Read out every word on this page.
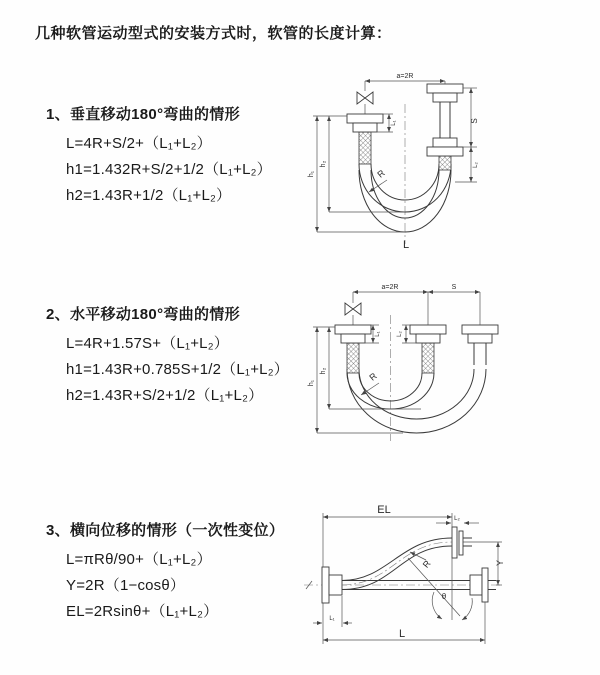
几种软管运动型式的安装方式时，软管的长度计算：
1、垂直移动180°弯曲的情形
L=4R+S/2+（L₁+L₂）
h1=1.432R+S/2+1/2（L₁+L₂）
h2=1.43R+1/2（L₁+L₂）
2、水平移动180°弯曲的情形
L=4R+1.57S+（L₁+L₂）
h1=1.43R+0.785S+1/2（L₁+L₂）
h2=1.43R+S/2+1/2（L₁+L₂）
3、横向位移的情形（一次性变位）
L=πRθ/90+（L₁+L₂）
Y=2R（1−cosθ）
EL=2Rsinθ+（L₁+L₂）
a=2R
S
L₂
L₁
h₁
h₂
R
L
a=2R	S
L₁	L₂
h₁
h₂	R
EL
L₂
Y
R
θ
L
L₁
